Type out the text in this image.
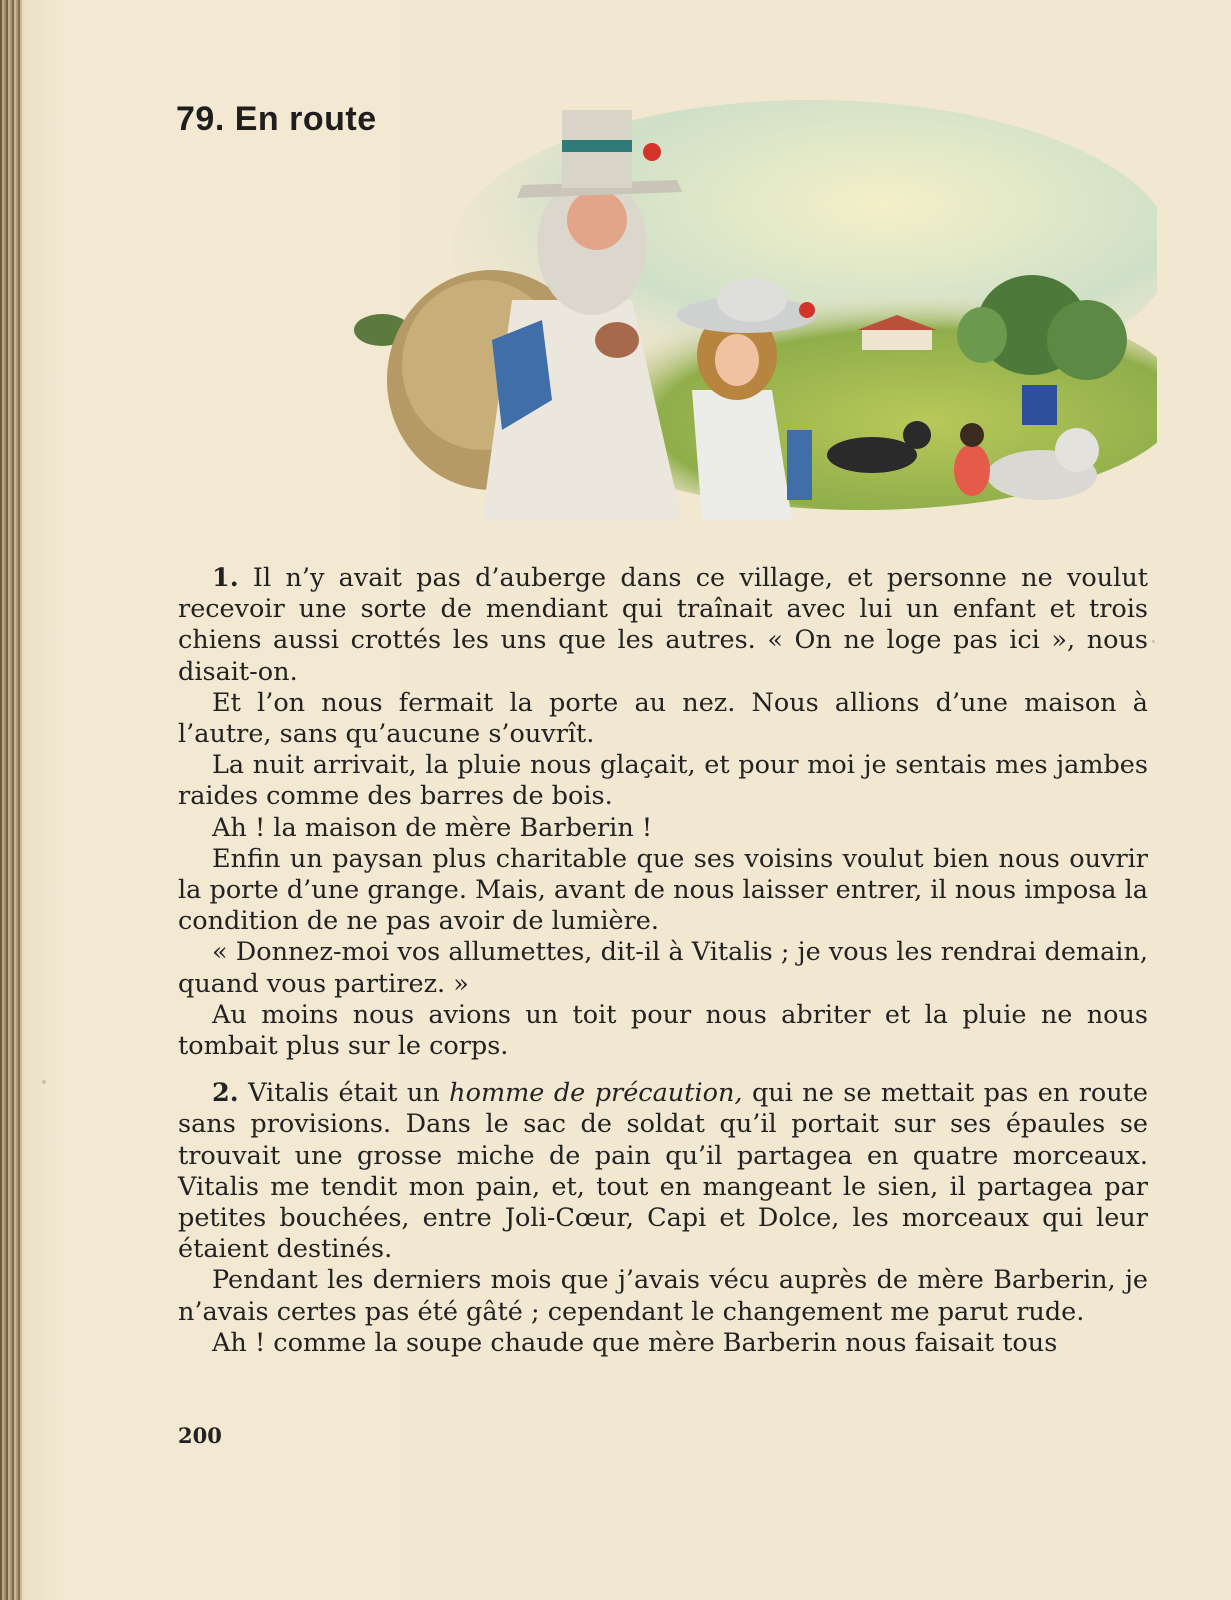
79. En route

1. Il n’y avait pas d’auberge dans ce village, et personne ne voulut recevoir une sorte de mendiant qui traînait avec lui un enfant et trois chiens aussi crottés les uns que les autres. « On ne loge pas ici », nous disait-on.

Et l’on nous fermait la porte au nez. Nous allions d’une maison à l’autre, sans qu’aucune s’ouvrît.

La nuit arrivait, la pluie nous glaçait, et pour moi je sentais mes jambes raides comme des barres de bois.

Ah ! la maison de mère Barberin !

Enfin un paysan plus charitable que ses voisins voulut bien nous ouvrir la porte d’une grange. Mais, avant de nous laisser entrer, il nous imposa la condition de ne pas avoir de lumière.

« Donnez-moi vos allumettes, dit-il à Vitalis ; je vous les rendrai demain, quand vous partirez. »

Au moins nous avions un toit pour nous abriter et la pluie ne nous tombait plus sur le corps.

2. Vitalis était un homme de précaution, qui ne se mettait pas en route sans provisions. Dans le sac de soldat qu’il portait sur ses épaules se trouvait une grosse miche de pain qu’il partagea en quatre morceaux. Vitalis me tendit mon pain, et, tout en mangeant le sien, il partagea par petites bouchées, entre Joli-Cœur, Capi et Dolce, les morceaux qui leur étaient destinés.

Pendant les derniers mois que j’avais vécu auprès de mère Barberin, je n’avais certes pas été gâté ; cependant le changement me parut rude.

Ah ! comme la soupe chaude que mère Barberin nous faisait tous

200
